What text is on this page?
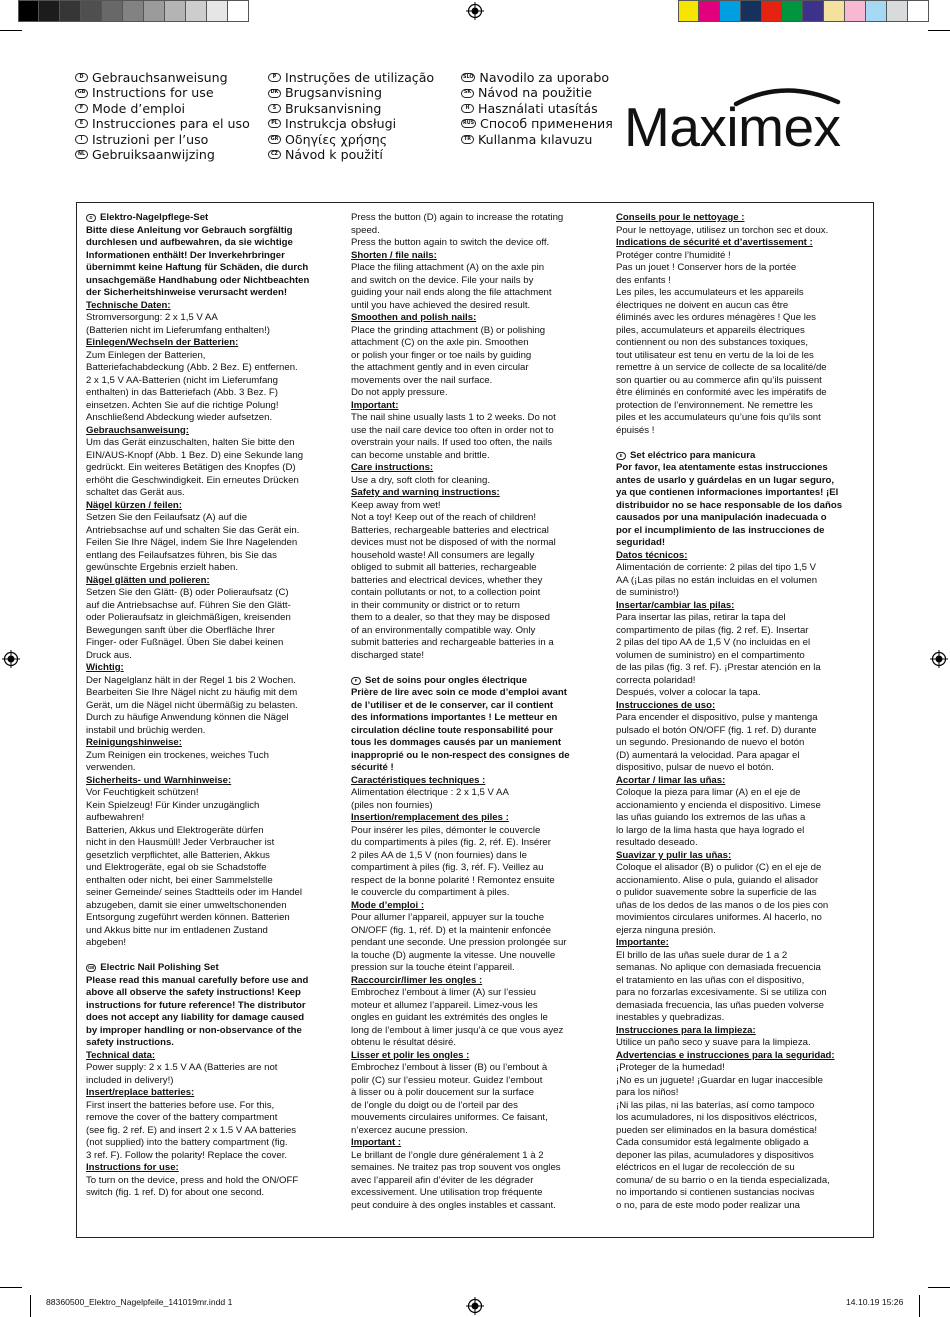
D Gebrauchsanweisung
GB Instructions for use
F Mode d’emploi
E Instrucciones para el uso
I Istruzioni per l’uso
NL Gebruiksaanwijzing
P Instruções de utilização
DK Brugsanvisning
S Bruksanvisning
PL Instrukcja obsługi
GR Οδηγίες χρήσης
CZ Návod k použití
SLO Navodilo za uporabo
SK Návod na použitie
H Használati utasítás
RUS Способ применения
TR Kullanma kılavuzu Maximex

D Elektro-Nagelpflege-Set

Bitte diese Anleitung vor Gebrauch sorgfältig
durchlesen und aufbewahren, da sie wichtige
Informationen enthält! Der Inverkehrbringer
übernimmt keine Haftung für Schäden, die durch
unsachgemäße Handhabung oder Nichtbeachten
der Sicherheitshinweise verursacht werden!

Technische Daten:

Stromversorgung: 2 x 1,5 V AA
(Batterien nicht im Lieferumfang enthalten!)

Einlegen/Wechseln der Batterien:

Zum Einlegen der Batterien,
Batteriefachabdeckung (Abb. 2 Bez. E) entfernen.
2 x 1,5 V AA-Batterien (nicht im Lieferumfang
enthalten) in das Batteriefach (Abb. 3 Bez. F)
einsetzen. Achten Sie auf die richtige Polung!
Anschließend Abdeckung wieder aufsetzen.

Gebrauchsanweisung:

Um das Gerät einzuschalten, halten Sie bitte den
EIN/AUS-Knopf (Abb. 1 Bez. D) eine Sekunde lang
gedrückt. Ein weiteres Betätigen des Knopfes (D)
erhöht die Geschwindigkeit. Ein erneutes Drücken
schaltet das Gerät aus.

Nägel kürzen / feilen:

Setzen Sie den Feilaufsatz (A) auf die
Antriebsachse auf und schalten Sie das Gerät ein.
Feilen Sie Ihre Nägel, indem Sie Ihre Nagelenden
entlang des Feilaufsatzes führen, bis Sie das
gewünschte Ergebnis erzielt haben.

Nägel glätten und polieren:

Setzen Sie den Glätt- (B) oder Polieraufsatz (C)
auf die Antriebsachse auf. Führen Sie den Glätt-
oder Polieraufsatz in gleichmäßigen, kreisenden
Bewegungen sanft über die Oberfläche Ihrer
Finger- oder Fußnägel. Üben Sie dabei keinen
Druck aus.

Wichtig:

Der Nagelglanz hält in der Regel 1 bis 2 Wochen.
Bearbeiten Sie Ihre Nägel nicht zu häufig mit dem
Gerät, um die Nägel nicht übermäßig zu belasten.
Durch zu häufige Anwendung können die Nägel
instabil und brüchig werden.

Reinigungshinweise:

Zum Reinigen ein trockenes, weiches Tuch
verwenden.

Sicherheits- und Warnhinweise:

Vor Feuchtigkeit schützen!
Kein Spielzeug! Für Kinder unzugänglich
aufbewahren!
Batterien, Akkus und Elektrogeräte dürfen
nicht in den Hausmüll! Jeder Verbraucher ist
gesetzlich verpflichtet, alle Batterien, Akkus
und Elektrogeräte, egal ob sie Schadstoffe
enthalten oder nicht, bei einer Sammelstelle
seiner Gemeinde/ seines Stadtteils oder im Handel
abzugeben, damit sie einer umweltschonenden
Entsorgung zugeführt werden können. Batterien
und Akkus bitte nur im entladenen Zustand
abgeben!

GB Electric Nail Polishing Set

Please read this manual carefully before use and
above all observe the safety instructions! Keep
instructions for future reference! The distributor
does not accept any liability for damage caused
by improper handling or non-observance of the
safety instructions.

Technical data:

Power supply: 2 x 1.5 V AA (Batteries are not
included in delivery!)

Insert/replace batteries:

First insert the batteries before use. For this,
remove the cover of the battery compartment
(see fig. 2 ref. E) and insert 2 x 1.5 V AA batteries
(not supplied) into the battery compartment (fig.
3 ref. F). Follow the polarity! Replace the cover.

Instructions for use:

To turn on the device, press and hold the ON/OFF
switch (fig. 1 ref. D) for about one second.

Press the button (D) again to increase the rotating
speed.
Press the button again to switch the device off.

Shorten / file nails:

Place the filing attachment (A) on the axle pin
and switch on the device. File your nails by
guiding your nail ends along the file attachment
until you have achieved the desired result.

Smoothen and polish nails:

Place the grinding attachment (B) or polishing
attachment (C) on the axle pin. Smoothen
or polish your finger or toe nails by guiding
the attachment gently and in even circular
movements over the nail surface.
Do not apply pressure.

Important:

The nail shine usually lasts 1 to 2 weeks. Do not
use the nail care device too often in order not to
overstrain your nails. If used too often, the nails
can become unstable and brittle.

Care instructions:

Use a dry, soft cloth for cleaning.

Safety and warning instructions:

Keep away from wet!
Not a toy! Keep out of the reach of children!
Batteries, rechargeable batteries and electrical
devices must not be disposed of with the normal
household waste! All consumers are legally
obliged to submit all batteries, rechargeable
batteries and electrical devices, whether they
contain pollutants or not, to a collection point
in their community or district or to return
them to a dealer, so that they may be disposed
of an environmentally compatible way. Only
submit batteries and rechargeable batteries in a
discharged state!

F Set de soins pour ongles électrique

Prière de lire avec soin ce mode d’emploi avant
de l’utiliser et de le conserver, car il contient
des informations importantes ! Le metteur en
circulation décline toute responsabilité pour
tous les dommages causés par un maniement
inapproprié ou le non-respect des consignes de
sécurité !

Caractéristiques techniques :

Alimentation électrique : 2 x 1,5 V AA
(piles non fournies)

Insertion/remplacement des piles :

Pour insérer les piles, démonter le couvercle
du compartiments à piles (fig. 2, réf. E). Insérer
2 piles AA de 1,5 V (non fournies) dans le
compartiment à piles (fig. 3, réf. F). Veillez au
respect de la bonne polarité ! Remontez ensuite
le couvercle du compartiment à piles.

Mode d’emploi :

Pour allumer l’appareil, appuyer sur la touche
ON/OFF (fig. 1, réf. D) et la maintenir enfoncée
pendant une seconde. Une pression prolongée sur
la touche (D) augmente la vitesse. Une nouvelle
pression sur la touche éteint l’appareil.

Raccourcir/limer les ongles :

Embrochez l’embout à limer (A) sur l’essieu
moteur et allumez l’appareil. Limez-vous les
ongles en guidant les extrémités des ongles le
long de l’embout à limer jusqu’à ce que vous ayez
obtenu le résultat désiré.

Lisser et polir les ongles :

Embrochez l’embout à lisser (B) ou l’embout à
polir (C) sur l’essieu moteur. Guidez l’embout
à lisser ou à polir doucement sur la surface
de l’ongle du doigt ou de l’orteil par des
mouvements circulaires uniformes. Ce faisant,
n’exercez aucune pression.

Important :

Le brillant de l’ongle dure généralement 1 à 2
semaines. Ne traitez pas trop souvent vos ongles
avec l’appareil afin d’éviter de les dégrader
excessivement. Une utilisation trop fréquente
peut conduire à des ongles instables et cassant.

Conseils pour le nettoyage :

Pour le nettoyage, utilisez un torchon sec et doux.

Indications de sécurité et d’avertissement :

Protéger contre l’humidité !
Pas un jouet ! Conserver hors de la portée
des enfants !
Les piles, les accumulateurs et les appareils
électriques ne doivent en aucun cas être
éliminés avec les ordures ménagères ! Que les
piles, accumulateurs et appareils électriques
contiennent ou non des substances toxiques,
tout utilisateur est tenu en vertu de la loi de les
remettre à un service de collecte de sa localité/de
son quartier ou au commerce afin qu’ils puissent
être éliminés en conformité avec les impératifs de
protection de l’environnement. Ne remettre les
piles et les accumulateurs qu’une fois qu’ils sont
épuisés !

E Set eléctrico para manicura

Por favor, lea atentamente estas instrucciones
antes de usarlo y guárdelas en un lugar seguro,
ya que contienen informaciones importantes! ¡El
distribuidor no se hace responsable de los daños
causados por una manipulación inadecuada o
por el incumplimiento de las instrucciones de
seguridad!

Datos técnicos:

Alimentación de corriente: 2 pilas del tipo 1,5 V
AA (¡Las pilas no están incluidas en el volumen
de suministro!)

Insertar/cambiar las pilas:

Para insertar las pilas, retirar la tapa del
compartimento de pilas (fig. 2 ref. E). Insertar
2 pilas del tipo AA de 1,5 V (no incluidas en el
volumen de suministro) en el compartimento
de las pilas (fig. 3 ref. F). ¡Prestar atención en la
correcta polaridad!
Después, volver a colocar la tapa.

Instrucciones de uso:

Para encender el dispositivo, pulse y mantenga
pulsado el botón ON/OFF (fig. 1 ref. D) durante
un segundo. Presionando de nuevo el botón
(D) aumentará la velocidad. Para apagar el
dispositivo, pulsar de nuevo el botón.

Acortar / limar las uñas:

Coloque la pieza para limar (A) en el eje de
accionamiento y encienda el dispositivo. Limese
las uñas guiando los extremos de las uñas a
lo largo de la lima hasta que haya logrado el
resultado deseado.

Suavizar y pulir las uñas:

Coloque el alisador (B) o pulidor (C) en el eje de
accionamiento. Alise o pula, guiando el alisador
o pulidor suavemente sobre la superficie de las
uñas de los dedos de las manos o de los pies con
movimientos circulares uniformes. Al hacerlo, no
ejerza ninguna presión.

Importante:

El brillo de las uñas suele durar de 1 a 2
semanas. No aplique con demasiada frecuencia
el tratamiento en las uñas con el dispositivo,
para no forzarlas excesivamente. Si se utiliza con
demasiada frecuencia, las uñas pueden volverse
inestables y quebradizas.

Instrucciones para la limpieza:

Utilice un paño seco y suave para la limpieza.

Advertencias e instrucciones para la seguridad:

¡Proteger de la humedad!
¡No es un juguete! ¡Guardar en lugar inaccesible
para los niños!
¡Ni las pilas, ni las baterías, así como tampoco
los acumuladores, ni los dispositivos eléctricos,
pueden ser eliminados en la basura doméstica!
Cada consumidor está legalmente obligado a
deponer las pilas, acumuladores y dispositivos
eléctricos en el lugar de recolección de su
comuna/ de su barrio o en la tienda especializada,
no importando si contienen sustancias nocivas
o no, para de este modo poder realizar una

88360500_Elektro_Nagelpfeile_141019mr.indd 1	14.10.19 15:26
